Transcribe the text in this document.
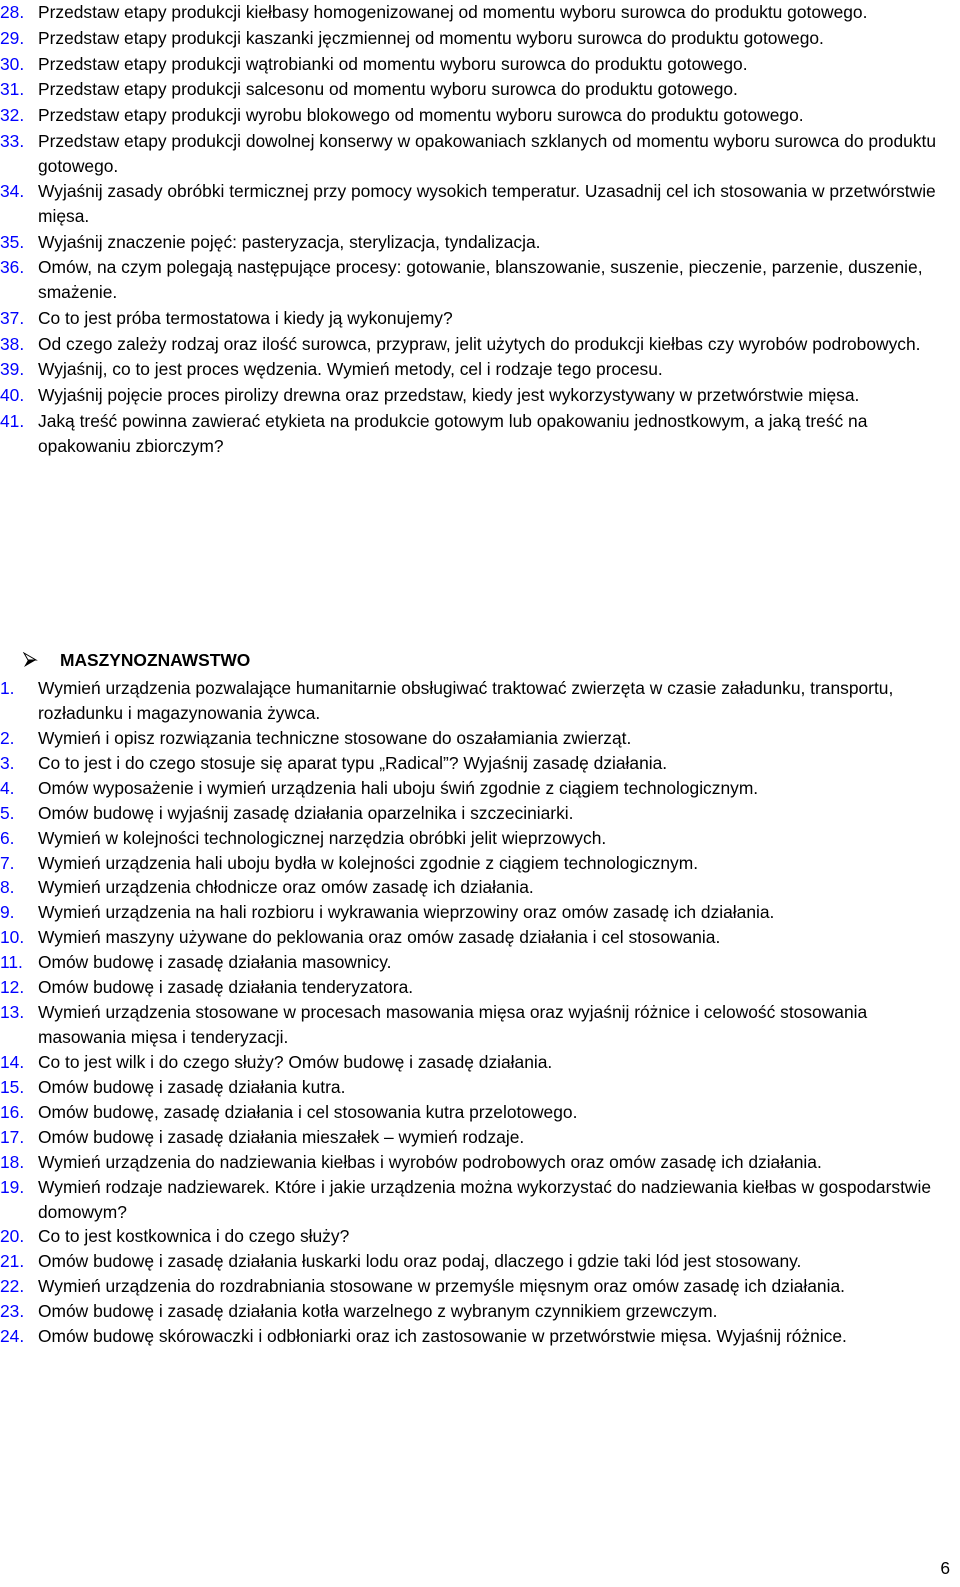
28. Przedstaw etapy produkcji kiełbasy homogenizowanej od momentu wyboru surowca do produktu gotowego.
29. Przedstaw etapy produkcji kaszanki jęczmiennej od momentu wyboru surowca do produktu gotowego.
30. Przedstaw etapy produkcji wątrobianki od momentu wyboru surowca do produktu gotowego.
31. Przedstaw etapy produkcji salcesonu od momentu wyboru surowca do produktu gotowego.
32. Przedstaw etapy produkcji wyrobu blokowego od momentu wyboru surowca do produktu gotowego.
33. Przedstaw etapy produkcji dowolnej konserwy w opakowaniach szklanych od momentu wyboru surowca do produktu gotowego.
34. Wyjaśnij zasady obróbki termicznej przy pomocy wysokich temperatur. Uzasadnij cel ich stosowania w przetwórstwie mięsa.
35. Wyjaśnij znaczenie pojęć: pasteryzacja, sterylizacja, tyndalizacja.
36. Omów, na czym polegają następujące procesy: gotowanie, blanszowanie, suszenie, pieczenie, parzenie, duszenie, smażenie.
37. Co to jest próba termostatowa i kiedy ją wykonujemy?
38. Od czego zależy rodzaj oraz ilość surowca, przypraw, jelit użytych do produkcji kiełbas czy wyrobów podrobowych.
39. Wyjaśnij, co to jest proces wędzenia. Wymień metody, cel i rodzaje tego procesu.
40. Wyjaśnij pojęcie proces pirolizy drewna oraz przedstaw, kiedy jest wykorzystywany w przetwórstwie mięsa.
41. Jaką treść powinna zawierać etykieta na produkcie gotowym lub opakowaniu jednostkowym, a jaką treść na opakowaniu zbiorczym?
MASZYNOZNAWSTWO
1.	Wymień urządzenia pozwalające humanitarnie obsługiwać traktować zwierzęta w czasie załadunku, transportu, rozładunku i magazynowania żywca.
2.	Wymień i opisz rozwiązania techniczne stosowane do oszałamiania zwierząt.
3.	Co to jest i do czego stosuje się aparat typu „Radical”? Wyjaśnij zasadę działania.
4.	Omów wyposażenie i wymień urządzenia hali uboju świń zgodnie z ciągiem technologicznym.
5.	Omów budowę i wyjaśnij zasadę działania oparzelnika i szczeciniarki.
6.	Wymień w kolejności technologicznej narzędzia obróbki jelit wieprzowych.
7.	Wymień urządzenia hali uboju bydła w kolejności zgodnie z ciągiem technologicznym.
8.	Wymień urządzenia chłodnicze oraz omów zasadę ich działania.
9.	Wymień urządzenia na hali rozbioru i wykrawania wieprzowiny oraz omów zasadę ich działania.
10. Wymień maszyny używane do peklowania oraz omów zasadę działania i cel stosowania.
11. Omów budowę i zasadę działania masownicy.
12. Omów budowę i zasadę działania tenderyzatora.
13. Wymień urządzenia stosowane w procesach masowania mięsa oraz wyjaśnij różnice i celowość stosowania masowania mięsa i tenderyzacji.
14. Co to jest wilk i do czego służy? Omów budowę i zasadę działania.
15. Omów budowę i zasadę działania kutra.
16. Omów budowę, zasadę działania i cel stosowania kutra przelotowego.
17. Omów budowę i zasadę działania mieszałek – wymień rodzaje.
18. Wymień urządzenia do nadziewania kiełbas i wyrobów podrobowych oraz omów zasadę ich działania.
19. Wymień rodzaje nadziewarek. Które i jakie urządzenia można wykorzystać do nadziewania kiełbas w gospodarstwie domowym?
20. Co to jest kostkownica i do czego służy?
21. Omów budowę i zasadę działania łuskarki lodu oraz podaj, dlaczego i gdzie taki lód jest stosowany.
22. Wymień urządzenia do rozdrabniania stosowane w przemyśle mięsnym oraz omów zasadę ich działania.
23. Omów budowę i zasadę działania kotła warzelnego z wybranym czynnikiem grzewczym.
24. Omów budowę skórowaczki i odbłoniarki oraz ich zastosowanie w przetwórstwie mięsa. Wyjaśnij różnice.
6
